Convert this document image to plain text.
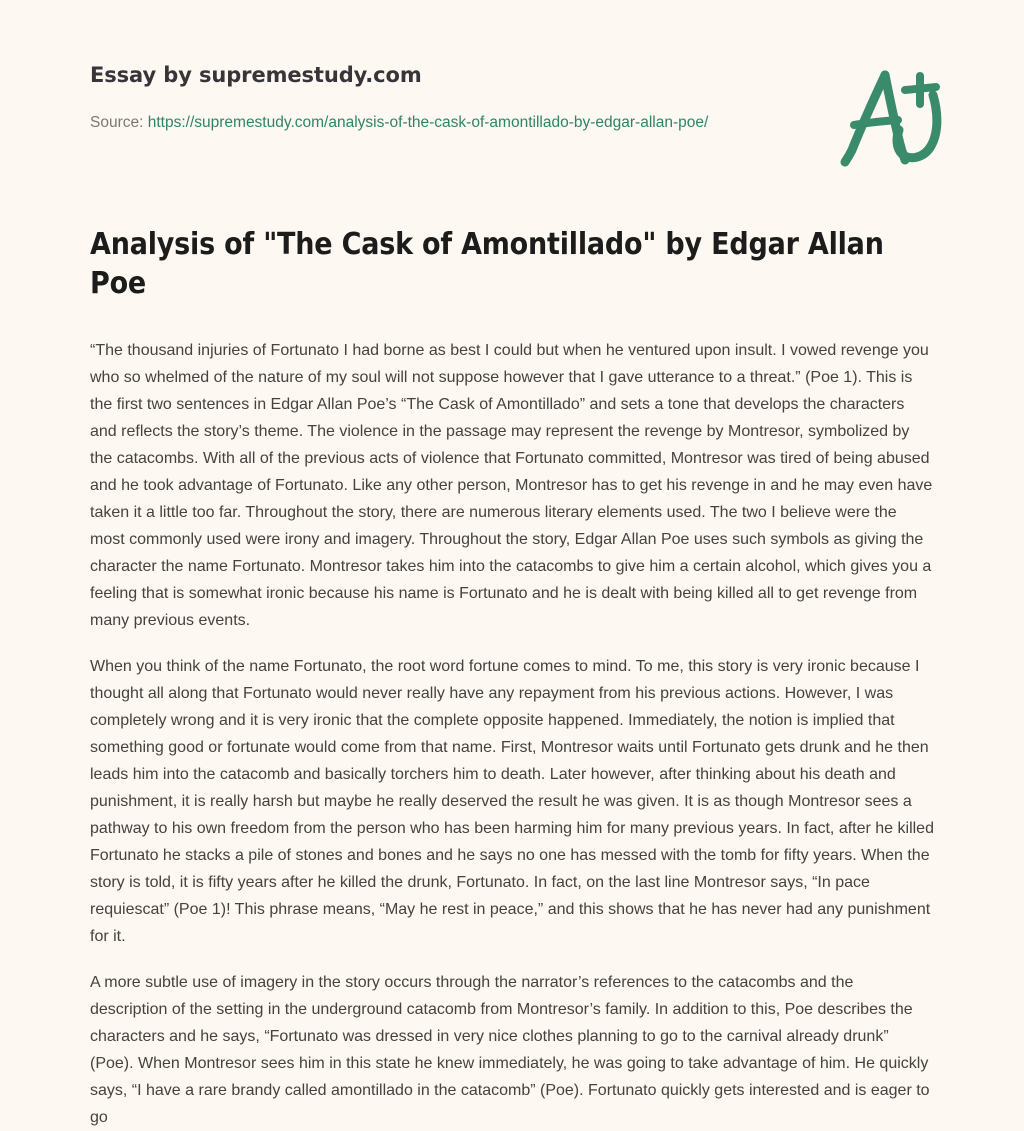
Essay by supremestudy.com
Source: https://supremestudy.com/analysis-of-the-cask-of-amontillado-by-edgar-allan-poe/
Analysis of "The Cask of Amontillado" by Edgar Allan Poe

“The thousand injuries of Fortunato I had borne as best I could but when he ventured upon insult. I vowed revenge you who so whelmed of the nature of my soul will not suppose however that I gave utterance to a threat.” (Poe 1). This is the first two sentences in Edgar Allan Poe’s “The Cask of Amontillado” and sets a tone that develops the characters and reflects the story’s theme. The violence in the passage may represent the revenge by Montresor, symbolized by the catacombs. With all of the previous acts of violence that Fortunato committed, Montresor was tired of being abused and he took advantage of Fortunato. Like any other person, Montresor has to get his revenge in and he may even have taken it a little too far. Throughout the story, there are numerous literary elements used. The two I believe were the most commonly used were irony and imagery. Throughout the story, Edgar Allan Poe uses such symbols as giving the character the name Fortunato. Montresor takes him into the catacombs to give him a certain alcohol, which gives you a feeling that is somewhat ironic because his name is Fortunato and he is dealt with being killed all to get revenge from many previous events.

When you think of the name Fortunato, the root word fortune comes to mind. To me, this story is very ironic because I thought all along that Fortunato would never really have any repayment from his previous actions. However, I was completely wrong and it is very ironic that the complete opposite happened. Immediately, the notion is implied that something good or fortunate would come from that name. First, Montresor waits until Fortunato gets drunk and he then leads him into the catacomb and basically torchers him to death. Later however, after thinking about his death and punishment, it is really harsh but maybe he really deserved the result he was given. It is as though Montresor sees a pathway to his own freedom from the person who has been harming him for many previous years. In fact, after he killed Fortunato he stacks a pile of stones and bones and he says no one has messed with the tomb for fifty years. When the story is told, it is fifty years after he killed the drunk, Fortunato. In fact, on the last line Montresor says, “In pace requiescat” (Poe 1)! This phrase means, “May he rest in peace,” and this shows that he has never had any punishment for it.

A more subtle use of imagery in the story occurs through the narrator’s references to the catacombs and the description of the setting in the underground catacomb from Montresor’s family. In addition to this, Poe describes the characters and he says, “Fortunato was dressed in very nice clothes planning to go to the carnival already drunk” (Poe). When Montresor sees him in this state he knew immediately, he was going to take advantage of him. He quickly says, “I have a rare brandy called amontillado in the catacomb” (Poe). Fortunato quickly gets interested and is eager to go
